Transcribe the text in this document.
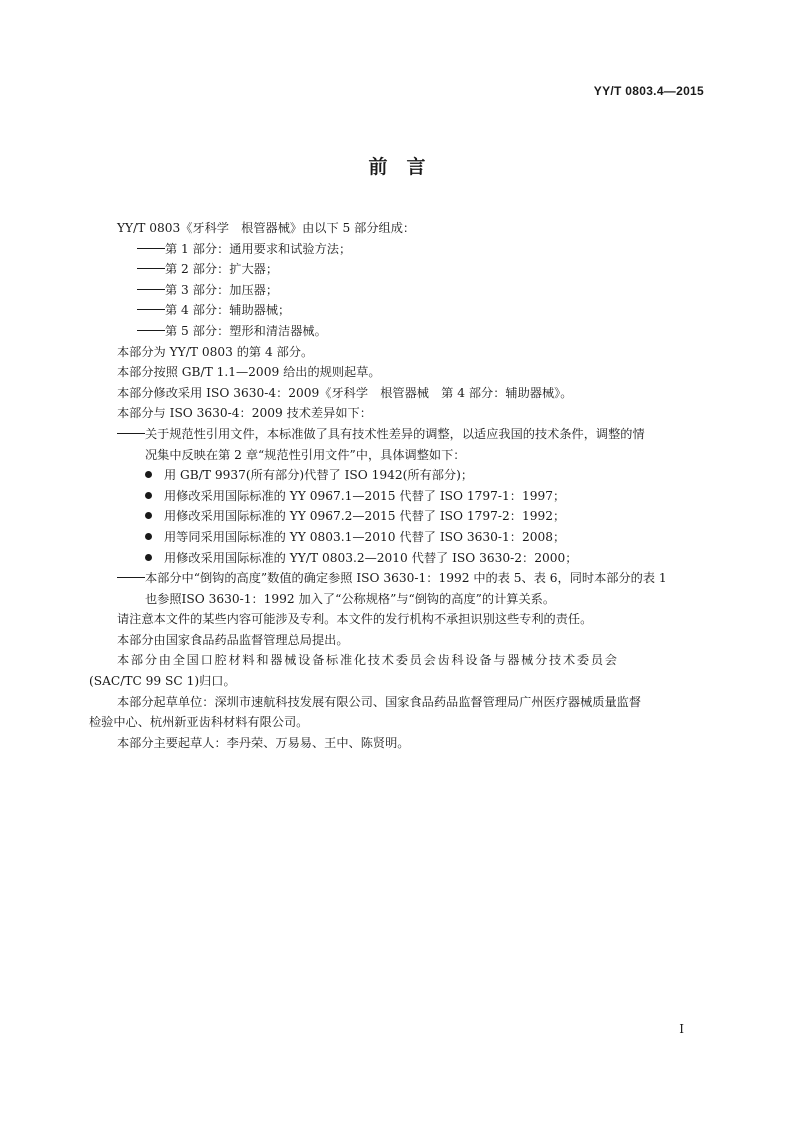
YY/T 0803.4—2015
前　言

YY/T 0803《牙科学　根管器械》由以下 5 部分组成：

第 1 部分：通用要求和试验方法；

第 2 部分：扩大器；

第 3 部分：加压器；

第 4 部分：辅助器械；

第 5 部分：塑形和清洁器械。

本部分为 YY/T 0803 的第 4 部分。

本部分按照 GB/T 1.1—2009 给出的规则起草。

本部分修改采用 ISO 3630-4：2009《牙科学　根管器械　第 4 部分：辅助器械》。

本部分与 ISO 3630-4：2009 技术差异如下：

关于规范性引用文件，本标准做了具有技术性差异的调整，以适应我国的技术条件，调整的情

况集中反映在第 2 章“规范性引用文件”中，具体调整如下：

用 GB/T 9937(所有部分)代替了 ISO 1942(所有部分)；

用修改采用国际标准的 YY 0967.1—2015 代替了 ISO 1797-1：1997；

用修改采用国际标准的 YY 0967.2—2015 代替了 ISO 1797-2：1992；

用等同采用国际标准的 YY 0803.1—2010 代替了 ISO 3630-1：2008；

用修改采用国际标准的 YY/T 0803.2—2010 代替了 ISO 3630-2：2000；

本部分中“倒钩的高度”数值的确定参照 ISO 3630-1：1992 中的表 5、表 6，同时本部分的表 1

也参照ISO 3630-1：1992 加入了“公称规格”与“倒钩的高度”的计算关系。

请注意本文件的某些内容可能涉及专利。本文件的发行机构不承担识别这些专利的责任。

本部分由国家食品药品监督管理总局提出。

本部分由全国口腔材料和器械设备标准化技术委员会齿科设备与器械分技术委员会

(SAC/TC 99 SC 1)归口。

本部分起草单位：深圳市速航科技发展有限公司、国家食品药品监督管理局广州医疗器械质量监督

检验中心、杭州新亚齿科材料有限公司。

本部分主要起草人：李丹荣、万易易、王中、陈贤明。

I
